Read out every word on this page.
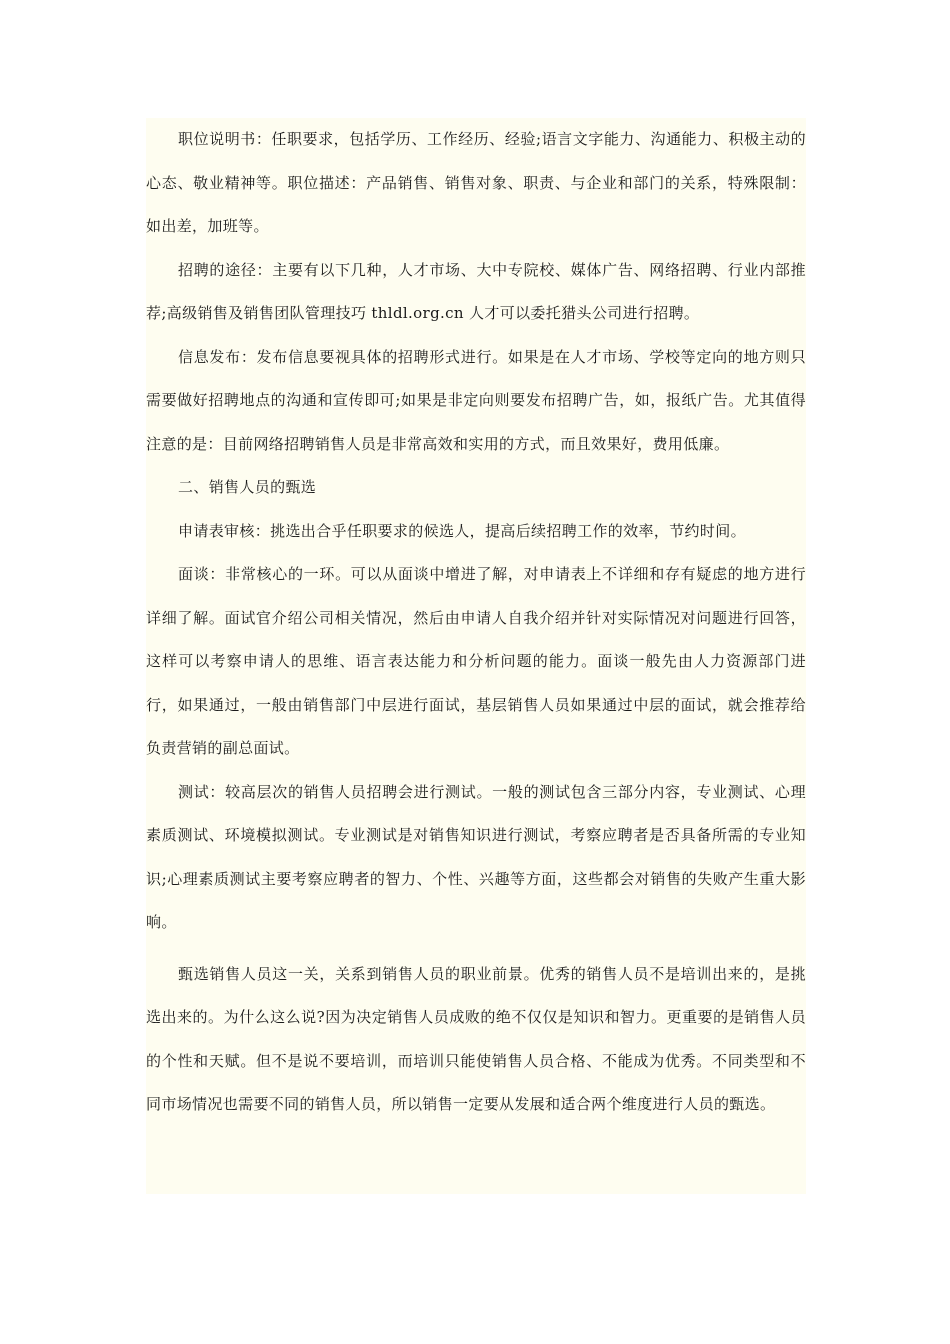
职位说明书：任职要求，包括学历、工作经历、经验;语言文字能力、沟通能力、积极主动的心态、敬业精神等。职位描述：产品销售、销售对象、职责、与企业和部门的关系，特殊限制：如出差，加班等。

招聘的途径：主要有以下几种，人才市场、大中专院校、媒体广告、网络招聘、行业内部推荐;高级销售及销售团队管理技巧 thldl.org.cn 人才可以委托猎头公司进行招聘。

信息发布：发布信息要视具体的招聘形式进行。如果是在人才市场、学校等定向的地方则只需要做好招聘地点的沟通和宣传即可;如果是非定向则要发布招聘广告，如，报纸广告。尤其值得注意的是：目前网络招聘销售人员是非常高效和实用的方式，而且效果好，费用低廉。

二、销售人员的甄选

申请表审核：挑选出合乎任职要求的候选人，提高后续招聘工作的效率，节约时间。

面谈：非常核心的一环。可以从面谈中增进了解，对申请表上不详细和存有疑虑的地方进行详细了解。面试官介绍公司相关情况，然后由申请人自我介绍并针对实际情况对问题进行回答，这样可以考察申请人的思维、语言表达能力和分析问题的能力。面谈一般先由人力资源部门进行，如果通过，一般由销售部门中层进行面试，基层销售人员如果通过中层的面试，就会推荐给负责营销的副总面试。

测试：较高层次的销售人员招聘会进行测试。一般的测试包含三部分内容，专业测试、心理素质测试、环境模拟测试。专业测试是对销售知识进行测试，考察应聘者是否具备所需的专业知识;心理素质测试主要考察应聘者的智力、个性、兴趣等方面，这些都会对销售的失败产生重大影响。

甄选销售人员这一关，关系到销售人员的职业前景。优秀的销售人员不是培训出来的，是挑选出来的。为什么这么说?因为决定销售人员成败的绝不仅仅是知识和智力。更重要的是销售人员的个性和天赋。但不是说不要培训，而培训只能使销售人员合格、不能成为优秀。不同类型和不同市场情况也需要不同的销售人员，所以销售一定要从发展和适合两个维度进行人员的甄选。
